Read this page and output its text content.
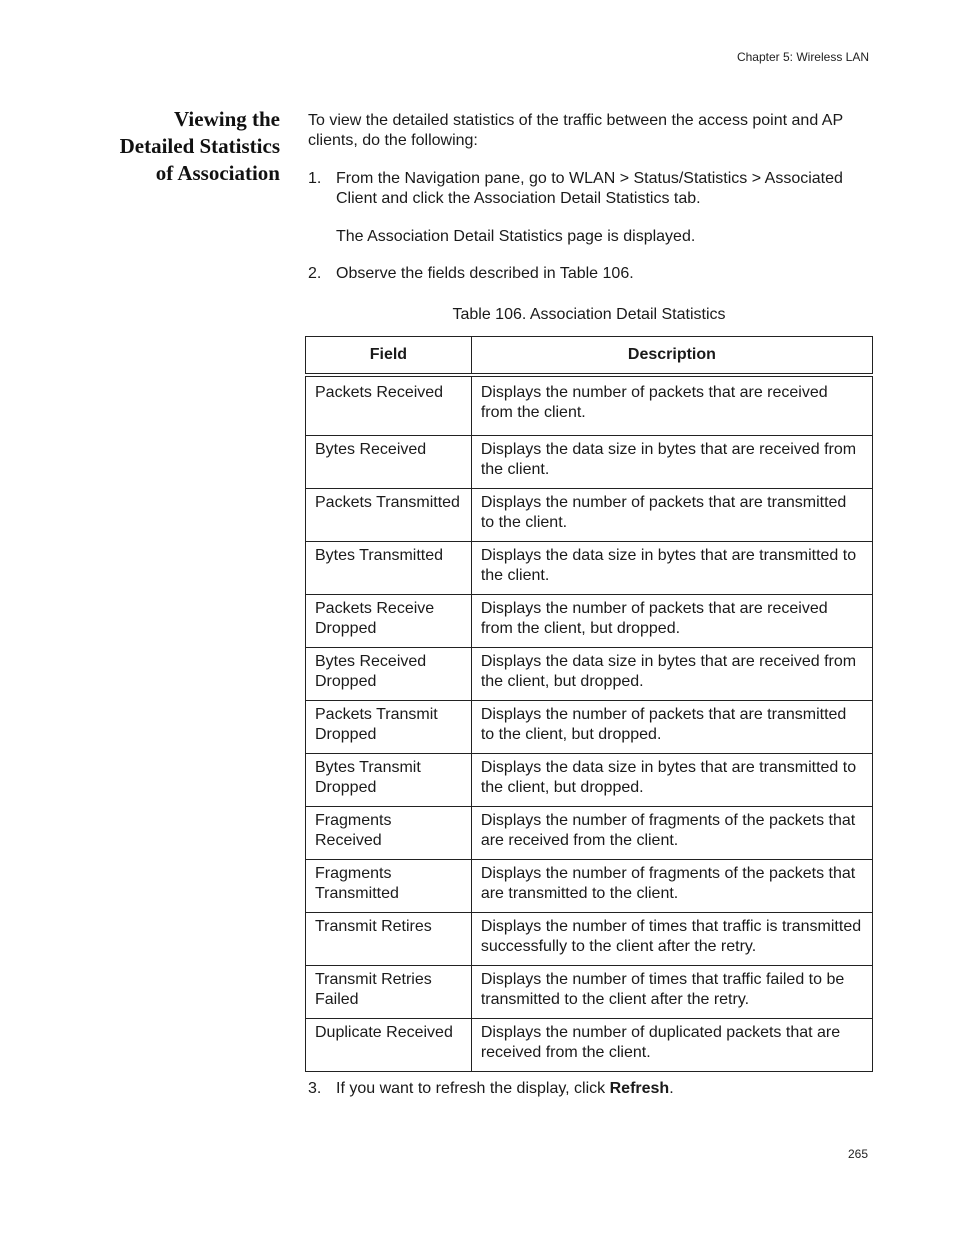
Chapter 5: Wireless LAN
Viewing the
Detailed Statistics
of Association
To view the detailed statistics of the traffic between the access point and AP clients, do the following:
1. From the Navigation pane, go to WLAN > Status/Statistics > Associated Client and click the Association Detail Statistics tab.
The Association Detail Statistics page is displayed.
2. Observe the fields described in Table 106.
Table 106. Association Detail Statistics
Field	Description
Packets Received	Displays the number of packets that are received from the client.
Bytes Received	Displays the data size in bytes that are received from the client.
Packets Transmitted	Displays the number of packets that are transmitted to the client.
Bytes Transmitted	Displays the data size in bytes that are transmitted to the client.
Packets Receive Dropped	Displays the number of packets that are received from the client, but dropped.
Bytes Received Dropped	Displays the data size in bytes that are received from the client, but dropped.
Packets Transmit Dropped	Displays the number of packets that are transmitted to the client, but dropped.
Bytes Transmit Dropped	Displays the data size in bytes that are transmitted to the client, but dropped.
Fragments Received	Displays the number of fragments of the packets that are received from the client.
Fragments Transmitted	Displays the number of fragments of the packets that are transmitted to the client.
Transmit Retires	Displays the number of times that traffic is transmitted successfully to the client after the retry.
Transmit Retries Failed	Displays the number of times that traffic failed to be transmitted to the client after the retry.
Duplicate Received	Displays the number of duplicated packets that are received from the client.
3. If you want to refresh the display, click Refresh.
265
